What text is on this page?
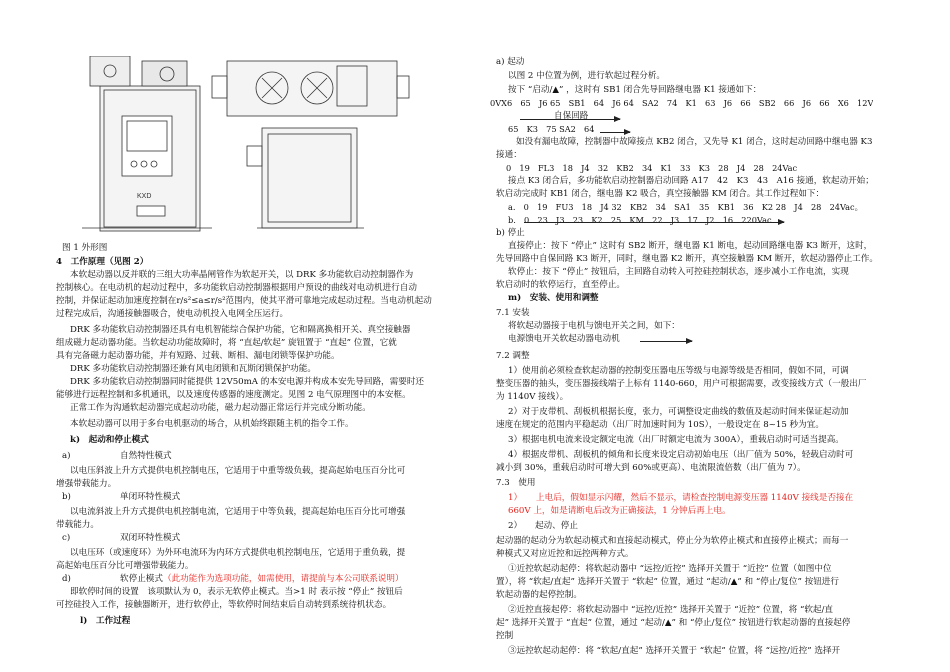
KXD
图 1 外形图
4　工作原理（见图 2）
本软起动器以反并联的三组大功率晶闸管作为软起开关，以 DRK 多功能软启动控制器作为
控制核心。在电动机的起动过程中，多功能软启动控制器根据用户预设的曲线对电动机进行自动
控制，并保证起动加速度控制在r/s²≤a≤r/s²范围内，使其平滑可靠地完成起动过程。当电动机起动
过程完成后，沟通接触器吸合，使电动机投入电网全压运行。
DRK 多功能软启动控制器还具有电机智能综合保护功能，它和隔离换相开关、真空接触器
组成磁力起动器功能。当软起动功能故障时，将 “直起/软起” 旋钮置于 “直起” 位置，它就
具有完备磁力起动器功能，并有短路、过载、断相、漏电闭锁等保护功能。
DRK 多功能软启动控制器还兼有风电闭锁和瓦斯闭锁保护功能。
DRK 多功能软启动控制器同时能提供 12V50mA 的本安电源并构成本安先导回路，需要时还
能够进行远程控制和多机通讯，以及速度传感器的速度测定。见图 2 电气原理图中的本安框。
正常工作为沟通软起动器完成起动功能，磁力起动器正常运行并完成分断功能。
本软起动器可以用于多台电机驱动的场合，从机始终跟随主机的指令工作。
k)　起动和停止模式
a)	自然特性模式
以电压斜波上升方式提供电机控制电压，它适用于中重等级负载，提高起始电压百分比可
增强带载能力。
b)	单闭环特性模式
以电流斜波上升方式提供电机控制电流，它适用于中等负载，提高起始电压百分比可增强
带载能力。
c)	双闭环特性模式
以电压环（或速度环）为外环电流环为内环方式提供电机控制电压，它适用于重负载，提
高起始电压百分比可增强带载能力。
d)	软停止模式（此功能作为选项功能，如需使用，请提前与本公司联系说明）
即软停时间的设置　该项默认为 0，表示无软停止模式。当>1 时 表示按 “停止” 按钮后
可控硅投入工作，接触器断开，进行软停止，等软停时间结束后自动转到系统待机状态。
l)　工作过程
a) 起动
以图 2 中位置为例，进行软起过程分析。
按下 “启动/▲” ，这时有 SB1 闭合先导回路继电器 K1 接通如下：
0VX6　65　J6 65　SB1　64　J6 64　SA2　74　K1　63　J6　66　SB2　66　J6　66　X6　12V
自保回路
65　K3　75 SA2　64
如没有漏电故障，控制器中故障接点 KB2 闭合，又先导 K1 闭合，这时起动回路中继电器 K3
接通：
0　19　FL3　18　J4　32　KB2　34　K1　33　K3　28　J4　28　24Vac
接点 K3 闭合后，多功能软启动控制器启动回路 A17　42　K3　43　A16 接通，软起动开始；
软启动完成时 KB1 闭合，继电器 K2 吸合，真空接触器 KM 闭合。其工作过程如下：
a.　0　19　FU3　18　J4 32　KB2　34　SA1　35　KB1　36　K2 28　J4　28　24Vac。
b.　0　23　J3　23　K2　25　KM　22　J3　17　J2　16　220Vac
b) 停止
直接停止：按下 “停止” 这时有 SB2 断开，继电器 K1 断电，起动回路继电器 K3 断开，这时，
先导回路中自保回路 K3 断开，同时，继电器 K2 断开，真空接触器 KM 断开，软起动器停止工作。
软停止：按下 “停止” 按钮后，主回路自动转入可控硅控制状态，逐步减小工作电流，实现
软启动时的软停运行，直至停止。
m)　安装、使用和调整
7.1 安装
将软起动器接于电机与馈电开关之间，如下：
电源馈电开关软起动器电动机
7.2 调整
1）使用前必须检查软起动器的控制变压器电压等级与电源等级是否相同，假如不同，可调
整变压器的抽头，变压器接线端子上标有 1140-660，用户可根据需要，改变接线方式（一般出厂
为 1140V 接线）。
2）对于皮带机、刮板机根据长度，张力，可调整设定曲线的数值及起动时间来保证起动加
速度在规定的范围内平稳起动（出厂时加速时间为 10S），一般设定在 8~15 秒为宜。
3）根据电机电流来设定额定电流（出厂时额定电流为 300A），重载启动时可适当提高。
4）根据皮带机、刮板机的倾角和长度来设定启动初始电压（出厂值为 50%，轻载启动时可
减小到 30%，重载启动时可增大到 60%或更高）、电流限流倍数（出厂值为 7）。
7.3　使用
1） 上电后，假如显示闪耀，然后不显示，请检查控制电源变压器 1140V 接线是否接在
660V 上，如是请断电后改为正确接法，1 分钟后再上电。
2）　　起动、停止
起动器的起动分为软起动模式和直接起动模式，停止分为软停止模式和直接停止模式；而每一
种模式又对应近控和远控两种方式。
①近控软起动起停：将软起动器中 “远控/近控” 选择开关置于 “近控” 位置（如图中位
置），将 “软起/直起” 选择开关置于 “软起” 位置，通过 “起动/▲” 和 “停止/复位” 按钮进行
软起动器的起停控制。
②近控直接起停：将软起动器中 “远控/近控” 选择开关置于 “近控” 位置，将 “软起/直
起” 选择开关置于 “直起” 位置，通过 “起动/▲” 和 “停止/复位” 按钮进行软起动器的直接起停
控制
③远控软起动起停：将 “软起/直起” 选择开关置于 “软起” 位置，将 “远控/近控” 选择开
